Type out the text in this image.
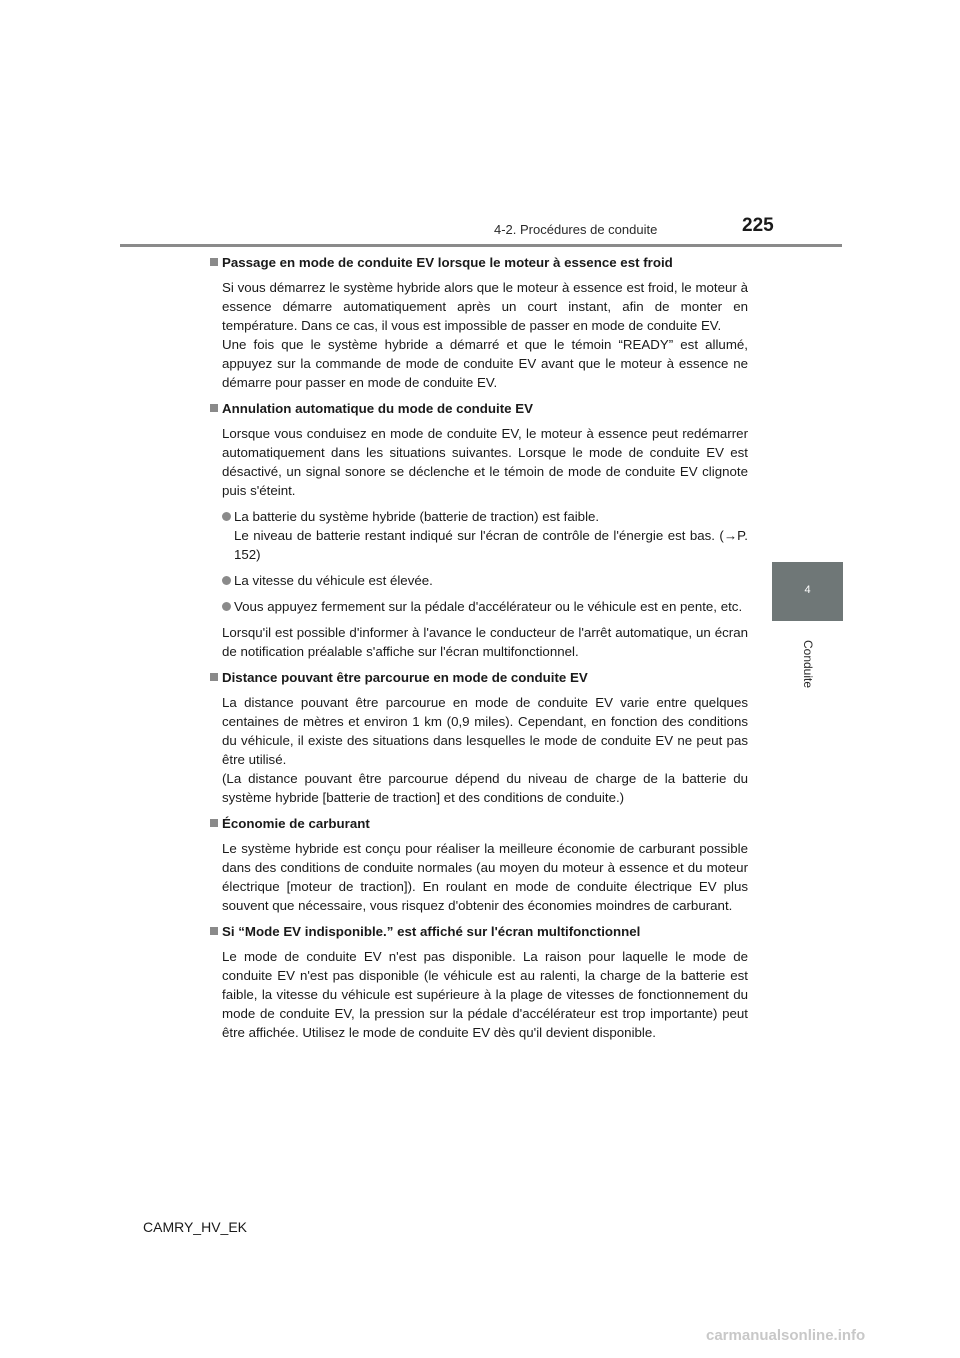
4-2. Procédures de conduite	225
4
Conduite
Passage en mode de conduite EV lorsque le moteur à essence est froid
Si vous démarrez le système hybride alors que le moteur à essence est froid, le moteur à essence démarre automatiquement après un court instant, afin de monter en température. Dans ce cas, il vous est impossible de passer en mode de conduite EV.
Une fois que le système hybride a démarré et que le témoin “READY” est allumé, appuyez sur la commande de mode de conduite EV avant que le moteur à essence ne démarre pour passer en mode de conduite EV.
Annulation automatique du mode de conduite EV
Lorsque vous conduisez en mode de conduite EV, le moteur à essence peut redémarrer automatiquement dans les situations suivantes. Lorsque le mode de conduite EV est désactivé, un signal sonore se déclenche et le témoin de mode de conduite EV clignote puis s'éteint.
La batterie du système hybride (batterie de traction) est faible.
Le niveau de batterie restant indiqué sur l'écran de contrôle de l'énergie est bas. (→P. 152)
La vitesse du véhicule est élevée.
Vous appuyez fermement sur la pédale d'accélérateur ou le véhicule est en pente, etc.
Lorsqu'il est possible d'informer à l'avance le conducteur de l'arrêt automatique, un écran de notification préalable s'affiche sur l'écran multifonctionnel.
Distance pouvant être parcourue en mode de conduite EV
La distance pouvant être parcourue en mode de conduite EV varie entre quelques centaines de mètres et environ 1 km (0,9 miles). Cependant, en fonction des conditions du véhicule, il existe des situations dans lesquelles le mode de conduite EV ne peut pas être utilisé.
(La distance pouvant être parcourue dépend du niveau de charge de la batterie du système hybride [batterie de traction] et des conditions de conduite.)
Économie de carburant
Le système hybride est conçu pour réaliser la meilleure économie de carburant possible dans des conditions de conduite normales (au moyen du moteur à essence et du moteur électrique [moteur de traction]). En roulant en mode de conduite électrique EV plus souvent que nécessaire, vous risquez d'obtenir des économies moindres de carburant.
Si “Mode EV indisponible.” est affiché sur l'écran multifonctionnel
Le mode de conduite EV n'est pas disponible. La raison pour laquelle le mode de conduite EV n'est pas disponible (le véhicule est au ralenti, la charge de la batterie est faible, la vitesse du véhicule est supérieure à la plage de vitesses de fonctionnement du mode de conduite EV, la pression sur la pédale d'accélérateur est trop importante) peut être affichée. Utilisez le mode de conduite EV dès qu'il devient disponible.
CAMRY_HV_EK
carmanualsonline.info
